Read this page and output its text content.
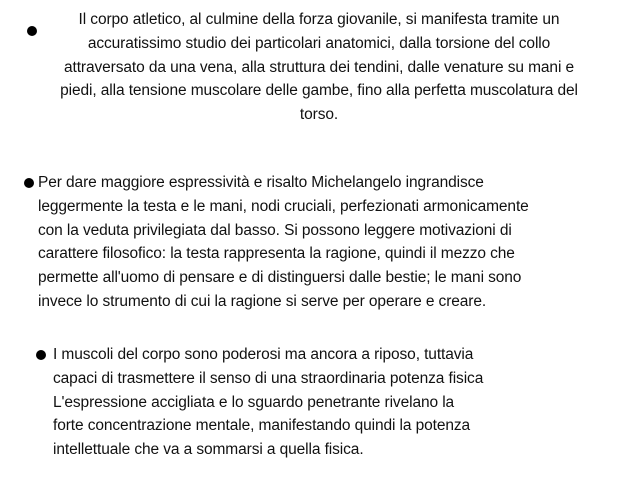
Il corpo atletico, al culmine della forza giovanile, si manifesta tramite un
accuratissimo studio dei particolari anatomici, dalla torsione del collo
attraversato da una vena, alla struttura dei tendini, dalle venature su mani e
piedi, alla tensione muscolare delle gambe, fino alla perfetta muscolatura del
torso.
Per dare maggiore espressività e risalto Michelangelo ingrandisce
leggermente la testa e le mani, nodi cruciali, perfezionati armonicamente
con la veduta privilegiata dal basso. Si possono leggere motivazioni di
carattere filosofico: la testa rappresenta la ragione, quindi il mezzo che
permette all'uomo di pensare e di distinguersi dalle bestie; le mani sono
invece lo strumento di cui la ragione si serve per operare e creare.
I muscoli del corpo sono poderosi ma ancora a riposo, tuttavia
capaci di trasmettere il senso di una straordinaria potenza fisica
L'espressione accigliata e lo sguardo penetrante rivelano la
forte concentrazione mentale, manifestando quindi la potenza
intellettuale che va a sommarsi a quella fisica.
